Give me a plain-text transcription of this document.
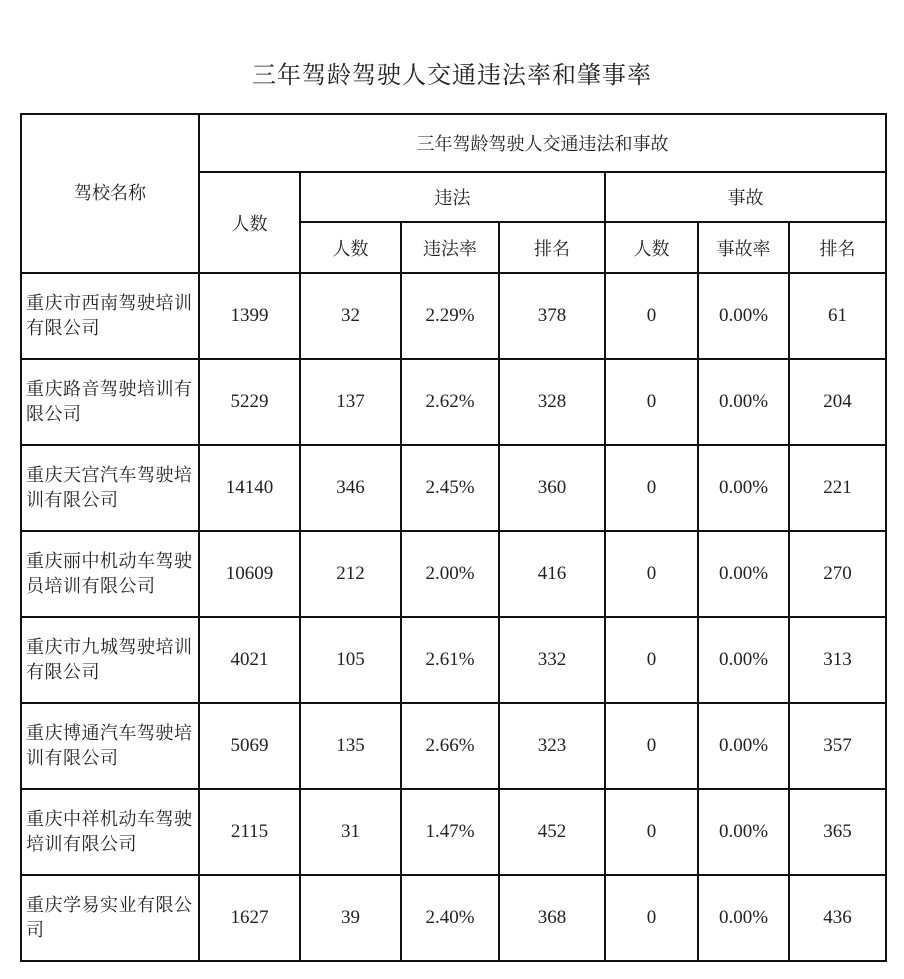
三年驾龄驾驶人交通违法率和肇事率
驾校名称	三年驾龄驾驶人交通违法和事故						
	人数	违法			事故		
		人数	违法率	排名	人数	事故率	排名
重庆市西南驾驶培训有限公司	1399	32	2.29%	378	0	0.00%	61
重庆路音驾驶培训有限公司	5229	137	2.62%	328	0	0.00%	204
重庆天宫汽车驾驶培训有限公司	14140	346	2.45%	360	0	0.00%	221
重庆丽中机动车驾驶员培训有限公司	10609	212	2.00%	416	0	0.00%	270
重庆市九城驾驶培训有限公司	4021	105	2.61%	332	0	0.00%	313
重庆博通汽车驾驶培训有限公司	5069	135	2.66%	323	0	0.00%	357
重庆中祥机动车驾驶培训有限公司	2115	31	1.47%	452	0	0.00%	365
重庆学易实业有限公司	1627	39	2.40%	368	0	0.00%	436
